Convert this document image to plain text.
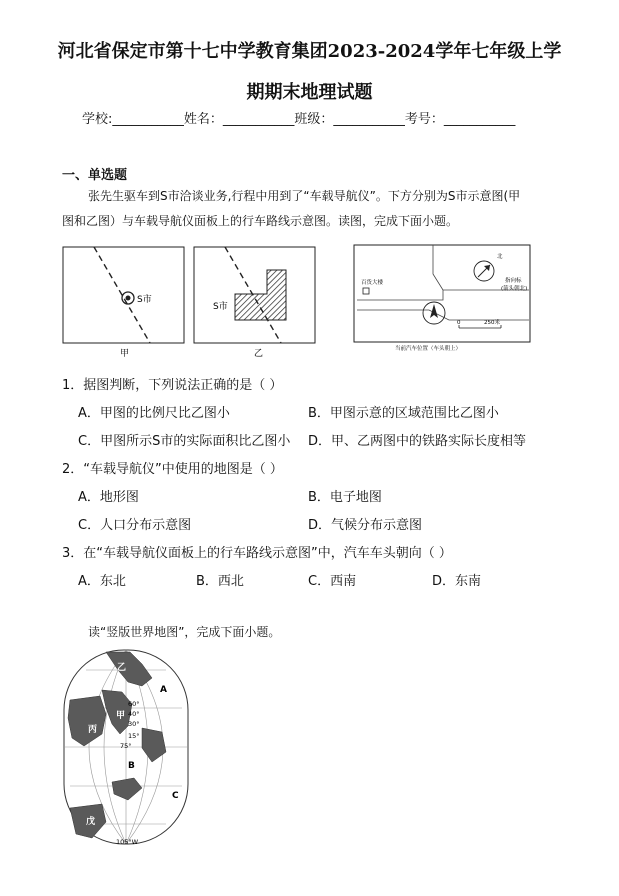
河北省保定市第十七中学教育集团2023-2024学年七年级上学
期期末地理试题
学校:___________姓名：___________班级：___________考号：___________
一、单选题
张先生驱车到S市洽谈业务,行程中用到了“车载导航仪”。下方分别为S市示意图(甲
图和乙图）与车载导航仪面板上的行车路线示意图。读图，完成下面小题。
S市
甲
S市
乙
百货大楼
当前汽车位置（车头朝上）
北
指向标
(箭头朝北)
0	250米
1．据图判断，下列说法正确的是（ ）
A．甲图的比例尺比乙图小	B．甲图示意的区域范围比乙图小
C．甲图所示S市的实际面积比乙图小 D．甲、乙两图中的铁路实际长度相等
2．“车载导航仪”中使用的地图是（ ）
A．地形图	B．电子地图
C．人口分布示意图	D．气候分布示意图
3．在“车载导航仪面板上的行车路线示意图”中，汽车车头朝向（ ）
A．东北	B．西北	C．西南	D．东南
读“竖版世界地图”，完成下面小题。
乙
A
甲
丙
B
C
戊
60°
40°
30°
15°
75°
105°W
